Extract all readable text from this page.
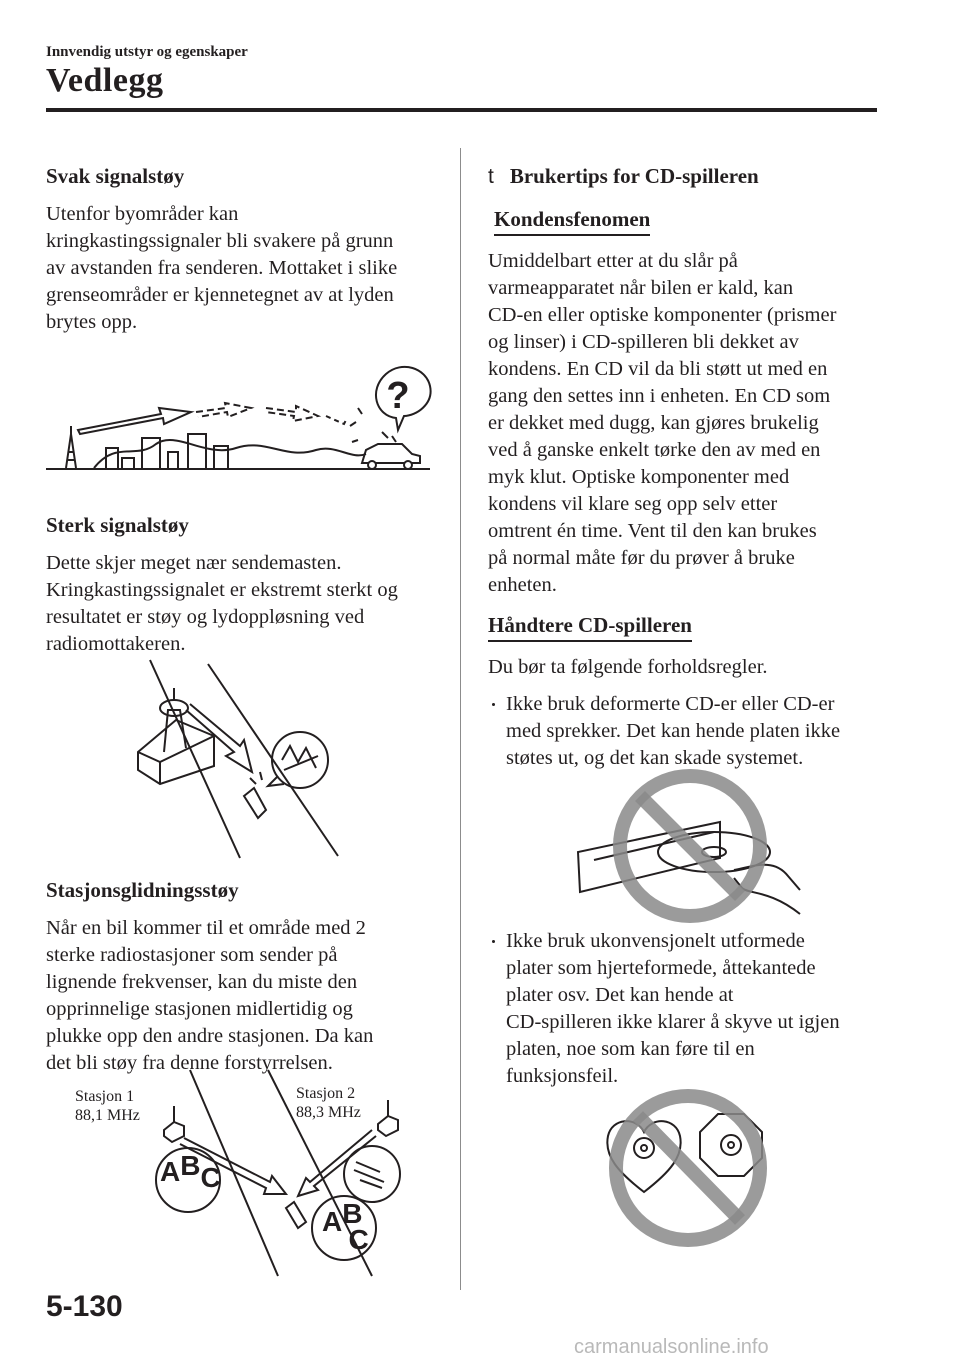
Innvendig utstyr og egenskaper
Vedlegg
Svak signalstøy

Utenfor byområder kan

kringkastingssignaler bli svakere på grunn

av avstanden fra senderen. Mottaket i slike

grenseområder er kjennetegnet av at lyden

brytes opp.

?
Sterk signalstøy

Dette skjer meget nær sendemasten.

Kringkastingssignalet er ekstremt sterkt og

resultatet er støy og lydoppløsning ved

radiomottakeren.

Stasjonsglidningsstøy

Når en bil kommer til et område med 2

sterke radiostasjoner som sender på

lignende frekvenser, kan du miste den

opprinnelige stasjonen midlertidig og

plukke opp den andre stasjonen. Da kan

det bli støy fra denne forstyrrelsen.

Stasjon 1
88,1 MHz
Stasjon 2
88,3 MHz
ABC
ABC
t Brukertips for CD-spilleren
Kondensfenomen

Umiddelbart etter at du slår på

varmeapparatet når bilen er kald, kan

CD-en eller optiske komponenter (prismer

og linser) i CD-spilleren bli dekket av

kondens. En CD vil da bli støtt ut med en

gang den settes inn i enheten. En CD som

er dekket med dugg, kan gjøres brukelig

ved å ganske enkelt tørke den av med en

myk klut. Optiske komponenter med

kondens vil klare seg opp selv etter

omtrent én time. Vent til den kan brukes

på normal måte før du prøver å bruke

enheten.

Håndtere CD-spilleren

Du bør ta følgende forholdsregler.

Ikke bruk deformerte CD-er eller CD-er
med sprekker. Det kan hende platen ikke
støtes ut, og det kan skade systemet.
Ikke bruk ukonvensjonelt utformede
plater som hjerteformede, åttekantede
plater osv. Det kan hende at
CD-spilleren ikke klarer å skyve ut igjen
platen, noe som kan føre til en
funksjonsfeil.
5-130
carmanualsonline.info
